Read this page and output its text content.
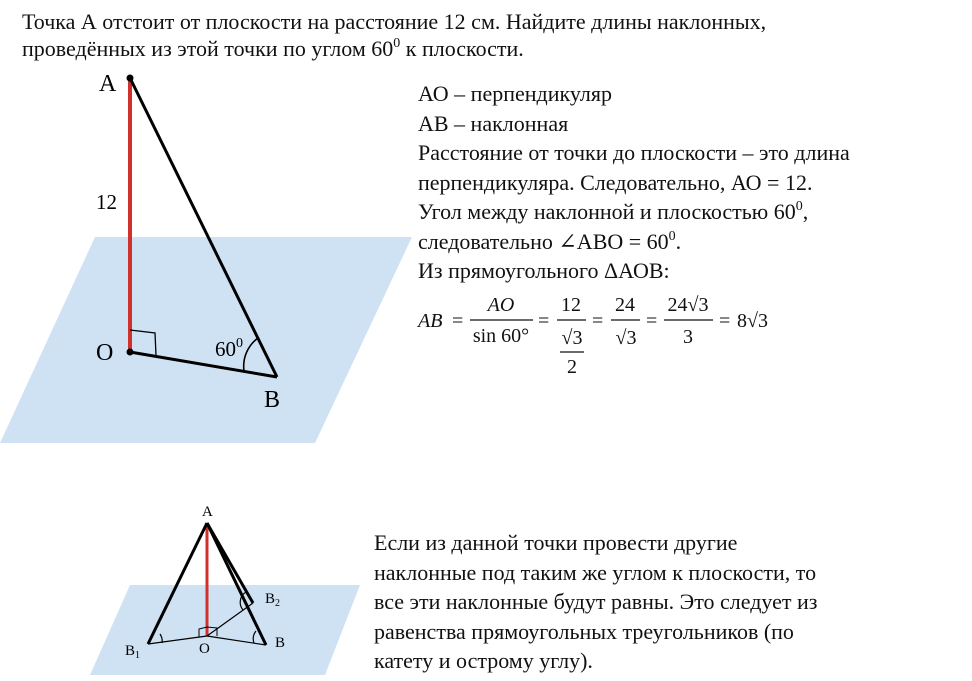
Точка А отстоит от плоскости на расстояние 12 см. Найдите длины наклонных,
проведённых из этой точки по углом $60^0$ к плоскости.
А
О
В
12
$60^0$
A
O	B
$B_1$
$B_2$
AB =
AO
sin 60°
=
12
√3
2
=
24
√3
=
24√3
3
= 8√3
АО – перпендикуляр
АВ – наклонная
Расстояние от точки до плоскости – это длина
перпендикуляра. Следовательно, АО = 12.
Угол между наклонной и плоскостью $60^0$,
следовательно ∠АВО = $60^0$.
Из прямоугольного ΔАОВ:
Если из данной точки провести другие
наклонные под таким же углом к плоскости, то
все эти наклонные будут равны. Это следует из
равенства прямоугольных треугольников (по
катету и острому углу).
